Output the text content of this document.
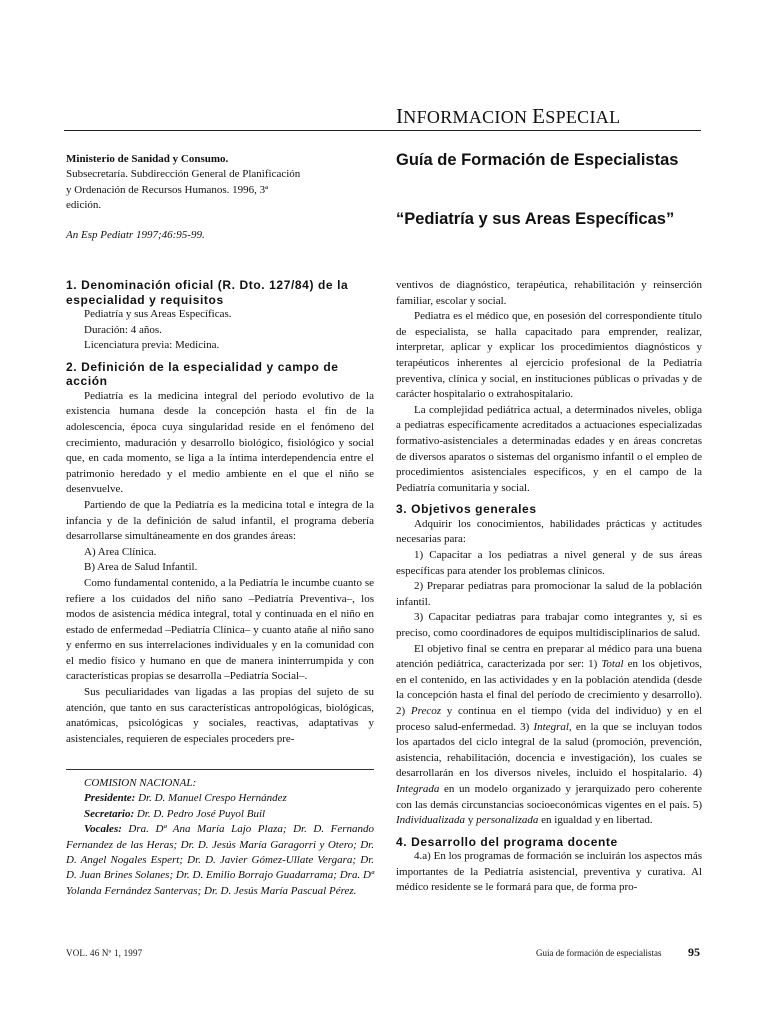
INFORMACION ESPECIAL
Ministerio de Sanidad y Consumo.
Subsecretaría. Subdirección General de Planificación y Ordenación de Recursos Humanos. 1996, 3ª edición.
An Esp Pediatr 1997;46:95-99.
Guía de Formación de Especialistas
“Pediatría y sus Areas Específicas”
1. Denominación oficial (R. Dto. 127/84) de la especialidad y requisitos

Pediatría y sus Areas Específicas.

Duración: 4 años.

Licenciatura previa: Medicina.

2. Definición de la especialidad y campo de acción

Pediatría es la medicina integral del período evolutivo de la existencia humana desde la concepción hasta el fin de la adolescencia, época cuya singularidad reside en el fenómeno del crecimiento, maduración y desarrollo biológico, fisiológico y social que, en cada momento, se liga a la íntima interdependencia entre el patrimonio heredado y el medio ambiente en el que el niño se desenvuelve.

Partiendo de que la Pediatría es la medicina total e íntegra de la infancia y de la definición de salud infantil, el programa debería desarrollarse simultáneamente en dos grandes áreas:

A) Area Clínica.

B) Area de Salud Infantil.

Como fundamental contenido, a la Pediatría le incumbe cuanto se refiere a los cuidados del niño sano –Pediatría Preventiva–, los modos de asistencia médica integral, total y continuada en el niño en estado de enfermedad –Pediatría Clínica– y cuanto atañe al niño sano y enfermo en sus interrelaciones individuales y en la comunidad con el medio físico y humano en que de manera ininterrumpida y con características propias se desarrolla –Pediatría Social–.

Sus peculiaridades van ligadas a las propias del sujeto de su atención, que tanto en sus características antropológicas, biológicas, anatómicas, psicológicas y sociales, reactivas, adaptativas y asistenciales, requieren de especiales proceders pre-

COMISION NACIONAL:
Presidente: Dr. D. Manuel Crespo Hernández
Secretario: Dr. D. Pedro José Puyol Buil
Vocales: Dra. Dª Ana María Lajo Plaza; Dr. D. Fernando Fernandez de las Heras; Dr. D. Jesús María Garagorri y Otero; Dr. D. Angel Nogales Espert; Dr. D. Javier Gómez-Ullate Vergara; Dr. D. Juan Brines Solanes; Dr. D. Emilio Borrajo Guadarrama; Dra. Dª Yolanda Fernández Santervas; Dr. D. Jesús María Pascual Pérez.

ventivos de diagnóstico, terapéutica, rehabilitación y reinserción familiar, escolar y social.

Pediatra es el médico que, en posesión del correspondiente título de especialista, se halla capacitado para emprender, realizar, interpretar, aplicar y explicar los procedimientos diagnósticos y terapéuticos inherentes al ejercicio profesional de la Pediatría preventiva, clínica y social, en instituciones públicas o privadas y de carácter hospitalario o extrahospitalario.

La complejidad pediátrica actual, a determinados niveles, obliga a pediatras específicamente acreditados a actuaciones especializadas formativo-asistenciales a determinadas edades y en áreas concretas de diversos aparatos o sistemas del organismo infantil o el empleo de procedimientos asistenciales específicos, y en el campo de la Pediatría comunitaria y social.

3. Objetivos generales

Adquirir los conocimientos, habilidades prácticas y actitudes necesarias para:

1) Capacitar a los pediatras a nivel general y de sus áreas específicas para atender los problemas clínicos.

2) Preparar pediatras para promocionar la salud de la población infantil.

3) Capacitar pediatras para trabajar como integrantes y, si es preciso, como coordinadores de equipos multidisciplinarios de salud.

El objetivo final se centra en preparar al médico para una buena atención pediátrica, caracterizada por ser: 1) Total en los objetivos, en el contenido, en las actividades y en la población atendida (desde la concepción hasta el final del período de crecimiento y desarrollo). 2) Precoz y continua en el tiempo (vida del individuo) y en el proceso salud-enfermedad. 3) Integral, en la que se incluyan todos los apartados del ciclo integral de la salud (promoción, prevención, asistencia, rehabilitación, docencia e investigación), los cuales se desarrollarán en los diversos niveles, incluido el hospitalario. 4) Integrada en un modelo organizado y jerarquizado pero coherente con las demás circunstancias socioeconómicas vigentes en el país. 5) Individualizada y personalizada en igualdad y en libertad.

4. Desarrollo del programa docente

4.a) En los programas de formación se incluirán los aspectos más importantes de la Pediatría asistencial, preventiva y curativa. Al médico residente se le formará para que, de forma pro-

VOL. 46 Nº 1, 1997	Guía de formación de especialistas 95
